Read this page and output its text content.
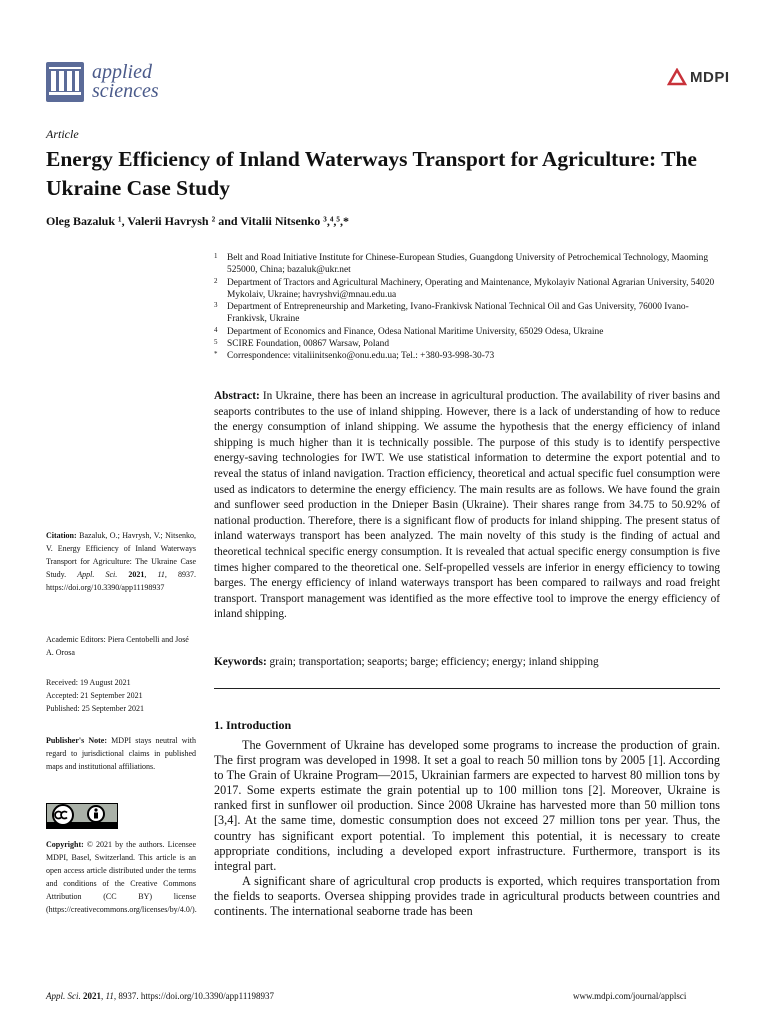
applied
sciences
MDPI
Article
Energy Efficiency of Inland Waterways Transport for Agriculture: The Ukraine Case Study
Oleg Bazaluk ¹, Valerii Havrysh ² and Vitalii Nitsenko ³,⁴,⁵,*
1	Belt and Road Initiative Institute for Chinese-European Studies, Guangdong University of Petrochemical Technology, Maoming 525000, China; bazaluk@ukr.net
2	Department of Tractors and Agricultural Machinery, Operating and Maintenance, Mykolayiv National Agrarian University, 54020 Mykolaiv, Ukraine; havryshvi@mnau.edu.ua
3	Department of Entrepreneurship and Marketing, Ivano-Frankivsk National Technical Oil and Gas University, 76000 Ivano-Frankivsk, Ukraine
4	Department of Economics and Finance, Odesa National Maritime University, 65029 Odesa, Ukraine
5	SCIRE Foundation, 00867 Warsaw, Poland
*	Correspondence: vitaliinitsenko@onu.edu.ua; Tel.: +380-93-998-30-73
Abstract: In Ukraine, there has been an increase in agricultural production. The availability of river basins and seaports contributes to the use of inland shipping. However, there is a lack of understanding of how to reduce the energy consumption of inland shipping. We assume the hypothesis that the energy efficiency of inland shipping is much higher than it is technically possible. The purpose of this study is to identify perspective energy-saving technologies for IWT. We use statistical information to determine the export potential and to reveal the status of inland navigation. Traction efficiency, theoretical and actual specific fuel consumption were used as indicators to determine the energy efficiency. The main results are as follows. We have found the grain and sunflower seed production in the Dnieper Basin (Ukraine). Their shares range from 34.75 to 50.92% of national production. Therefore, there is a significant flow of products for inland shipping. The present status of inland waterways transport has been analyzed. The main novelty of this study is the finding of actual and theoretical technical specific energy consumption. It is revealed that actual specific energy consumption is five times higher compared to the theoretical one. Self-propelled vessels are inferior in energy efficiency to towing barges. The energy efficiency of inland waterways transport has been compared to railways and road freight transport. Transport management was identified as the more effective tool to improve the energy efficiency of inland shipping.
Keywords: grain; transportation; seaports; barge; efficiency; energy; inland shipping
1. Introduction

The Government of Ukraine has developed some programs to increase the production of grain. The first program was developed in 1998. It set a goal to reach 50 million tons by 2005 [1]. According to The Grain of Ukraine Program—2015, Ukrainian farmers are expected to harvest 80 million tons by 2017. Some experts estimate the grain potential up to 100 million tons [2]. Moreover, Ukraine is ranked first in sunflower oil production. Since 2008 Ukraine has harvested more than 50 million tons [3,4]. At the same time, domestic consumption does not exceed 27 million tons per year. Thus, the country has significant export potential. To implement this potential, it is necessary to create appropriate conditions, including a developed export infrastructure. Furthermore, transport is its integral part.

A significant share of agricultural crop products is exported, which requires transportation from the fields to seaports. Oversea shipping provides trade in agricultural products between countries and continents. The international seaborne trade has been

Citation: Bazaluk, O.; Havrysh, V.; Nitsenko, V. Energy Efficiency of Inland Waterways Transport for Agriculture: The Ukraine Case Study. Appl. Sci. 2021, 11, 8937. https://doi.org/10.3390/app11198937
Academic Editors: Piera Centobelli and José A. Orosa
Received: 19 August 2021
Accepted: 21 September 2021
Published: 25 September 2021
Publisher's Note: MDPI stays neutral with regard to jurisdictional claims in published maps and institutional affiliations.
Copyright: © 2021 by the authors. Licensee MDPI, Basel, Switzerland. This article is an open access article distributed under the terms and conditions of the Creative Commons Attribution (CC BY) license (https://creativecommons.org/licenses/by/4.0/).
Appl. Sci. 2021, 11, 8937. https://doi.org/10.3390/app11198937	www.mdpi.com/journal/applsci
